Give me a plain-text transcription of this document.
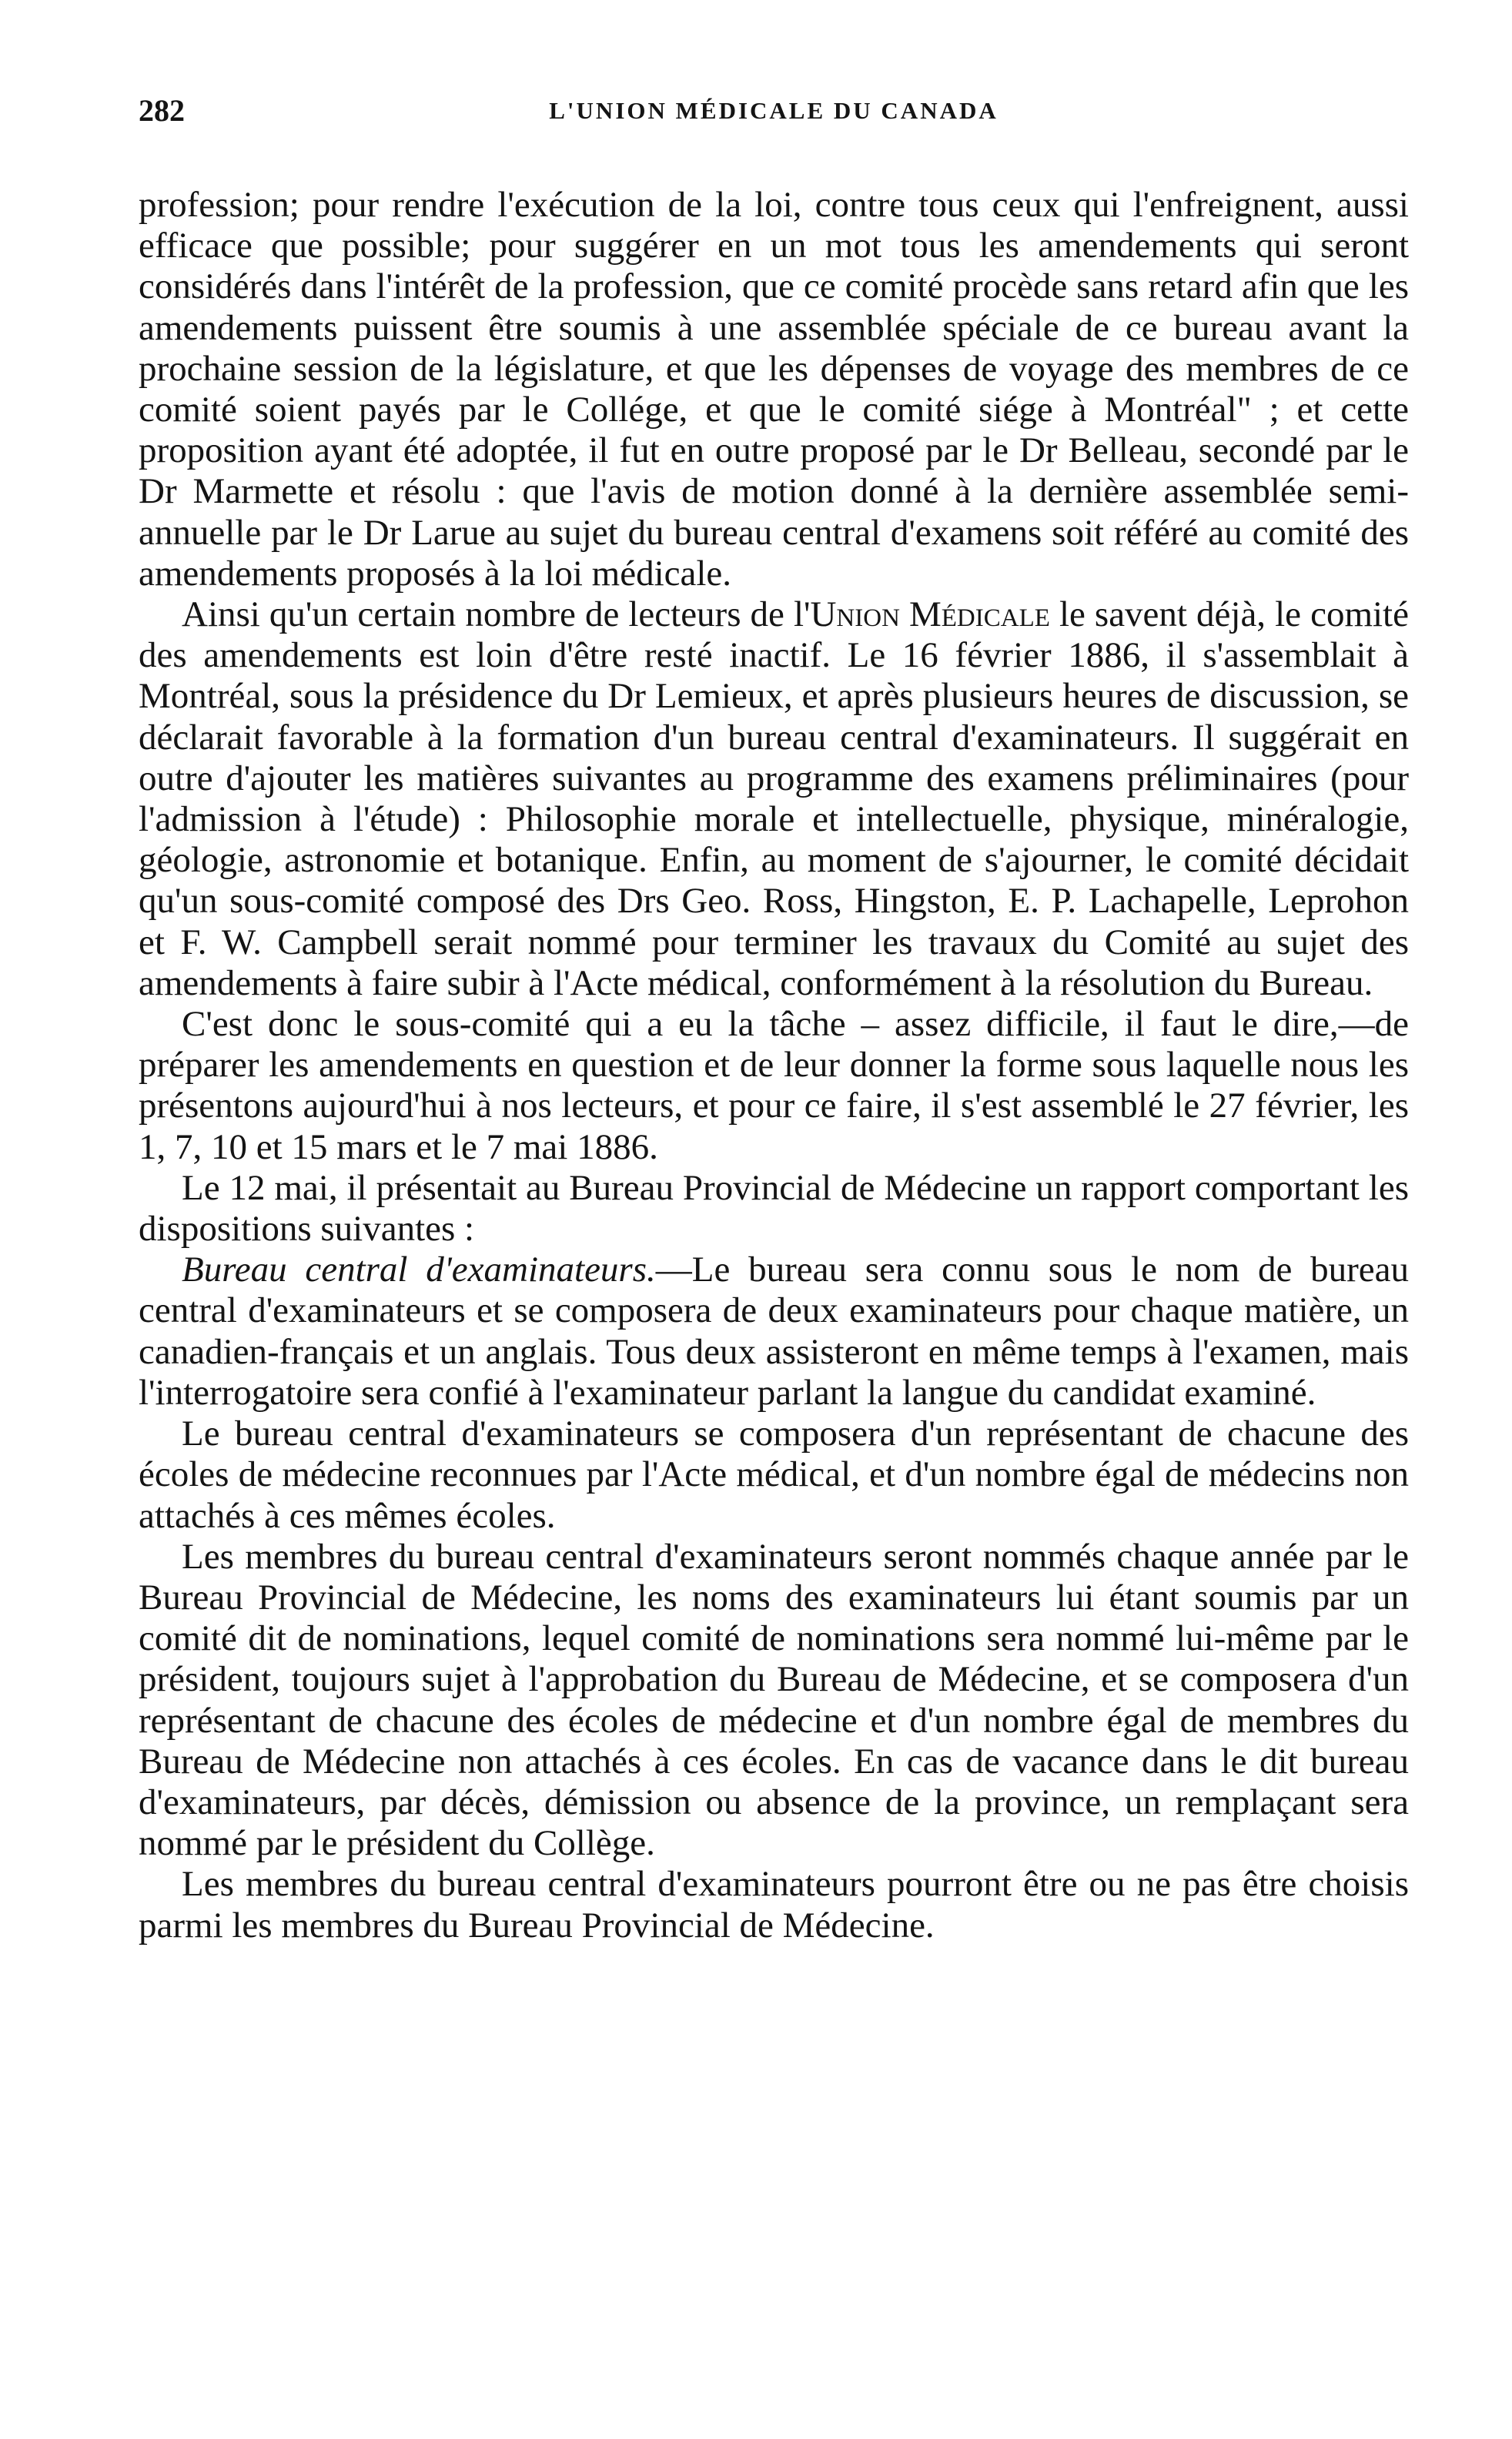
282	L'UNION MÉDICALE DU CANADA

profession; pour rendre l'exécution de la loi, contre tous ceux qui l'enfreignent, aussi efficace que possible; pour suggérer en un mot tous les amendements qui seront considérés dans l'intérêt de la profession, que ce comité procède sans retard afin que les amendements puissent être soumis à une assemblée spéciale de ce bureau avant la prochaine session de la législature, et que les dépenses de voyage des membres de ce comité soient payés par le Collége, et que le comité siége à Montréal" ; et cette proposition ayant été adoptée, il fut en outre proposé par le Dr Belleau, secondé par le Dr Marmette et résolu : que l'avis de motion donné à la dernière assemblée semi-annuelle par le Dr Larue au sujet du bureau central d'examens soit référé au comité des amendements proposés à la loi médicale.

Ainsi qu'un certain nombre de lecteurs de l'Union Médicale le savent déjà, le comité des amendements est loin d'être resté inactif. Le 16 février 1886, il s'assemblait à Montréal, sous la présidence du Dr Lemieux, et après plusieurs heures de discussion, se déclarait favorable à la formation d'un bureau central d'examinateurs. Il suggérait en outre d'ajouter les matières suivantes au programme des examens préliminaires (pour l'admission à l'étude) : Philosophie morale et intellectuelle, physique, minéralogie, géologie, astronomie et botanique. Enfin, au moment de s'ajourner, le comité décidait qu'un sous-comité composé des Drs Geo. Ross, Hingston, E. P. Lachapelle, Leprohon et F. W. Campbell serait nommé pour terminer les travaux du Comité au sujet des amendements à faire subir à l'Acte médical, conformément à la résolution du Bureau.

C'est donc le sous-comité qui a eu la tâche – assez difficile, il faut le dire,—de préparer les amendements en question et de leur donner la forme sous laquelle nous les présentons aujourd'hui à nos lecteurs, et pour ce faire, il s'est assemblé le 27 février, les 1, 7, 10 et 15 mars et le 7 mai 1886.

Le 12 mai, il présentait au Bureau Provincial de Médecine un rapport comportant les dispositions suivantes :

Bureau central d'examinateurs.—Le bureau sera connu sous le nom de bureau central d'examinateurs et se composera de deux examinateurs pour chaque matière, un canadien-français et un anglais. Tous deux assisteront en même temps à l'examen, mais l'interrogatoire sera confié à l'examinateur parlant la langue du candidat examiné.

Le bureau central d'examinateurs se composera d'un représentant de chacune des écoles de médecine reconnues par l'Acte médical, et d'un nombre égal de médecins non attachés à ces mêmes écoles.

Les membres du bureau central d'examinateurs seront nommés chaque année par le Bureau Provincial de Médecine, les noms des examinateurs lui étant soumis par un comité dit de nominations, lequel comité de nominations sera nommé lui-même par le président, toujours sujet à l'approbation du Bureau de Médecine, et se composera d'un représentant de chacune des écoles de médecine et d'un nombre égal de membres du Bureau de Médecine non attachés à ces écoles. En cas de vacance dans le dit bureau d'examinateurs, par décès, démission ou absence de la province, un remplaçant sera nommé par le président du Collège.

Les membres du bureau central d'examinateurs pourront être ou ne pas être choisis parmi les membres du Bureau Provincial de Médecine.
